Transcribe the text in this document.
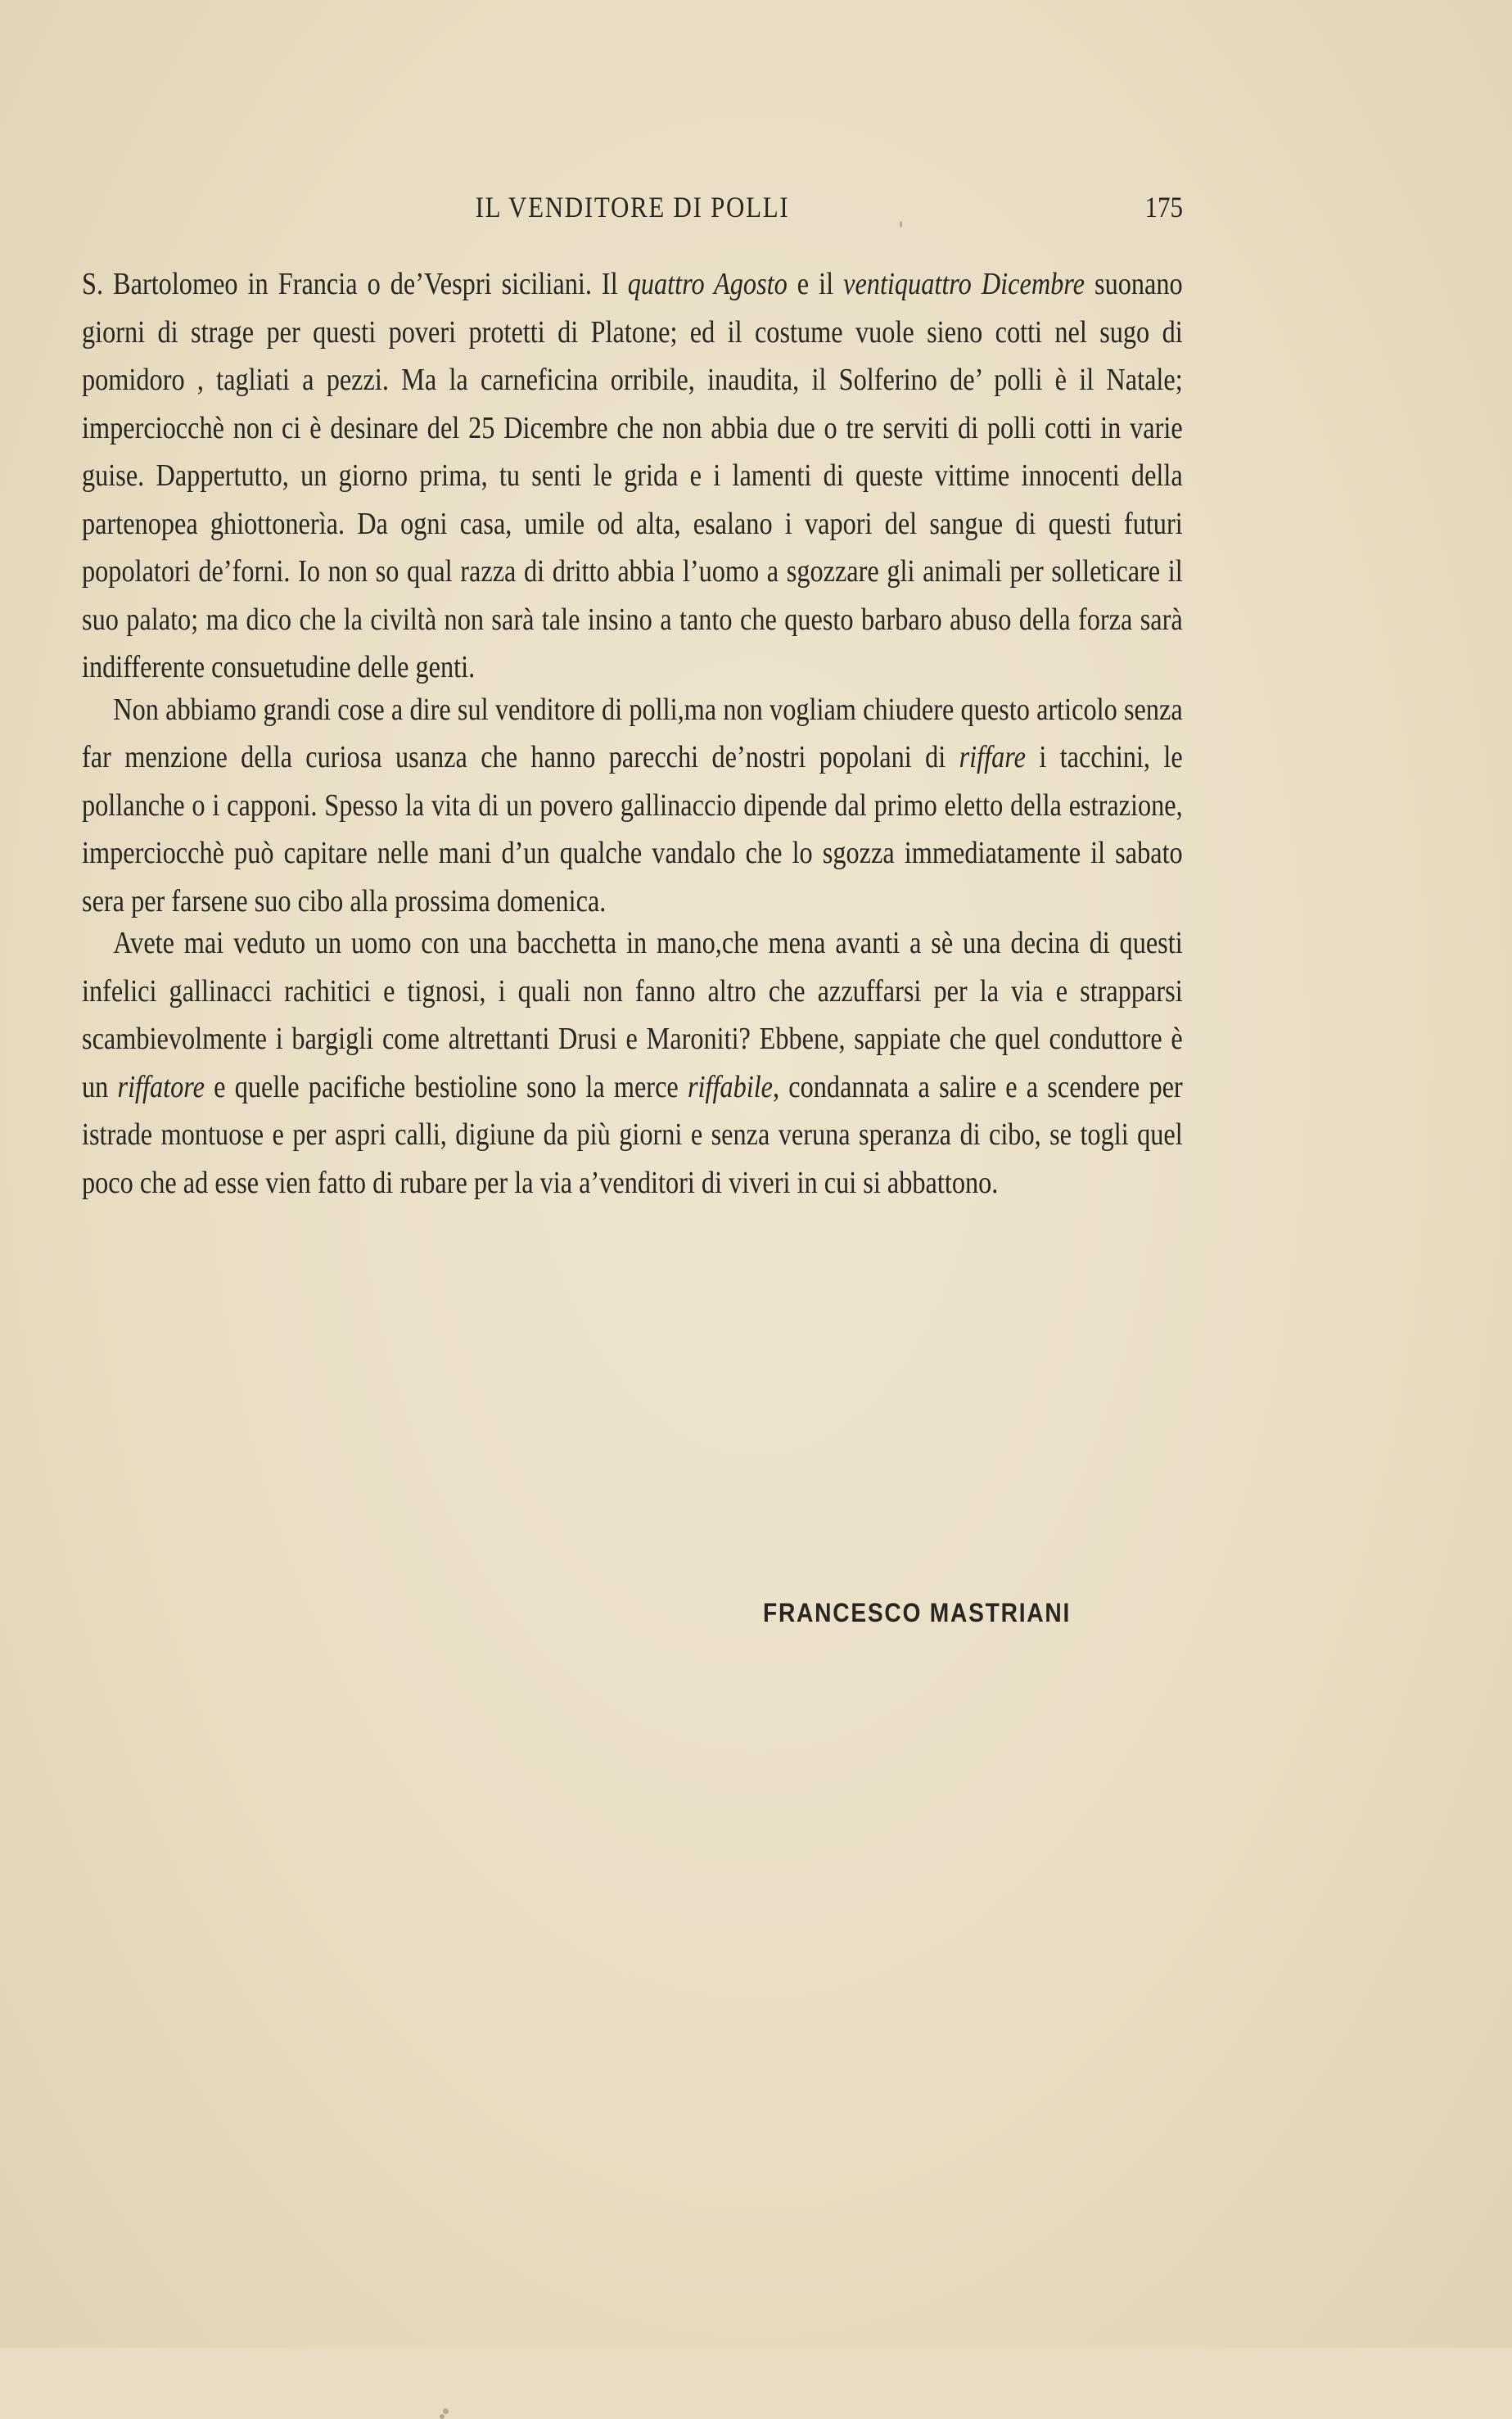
IL VENDITORE DI POLLI	175

S. Bartolomeo in Francia o de’Vespri siciliani. Il quattro Agosto e il ventiquattro Dicembre suonano giorni di strage per questi poveri protetti di Platone; ed il costume vuole sieno cotti nel sugo di pomidoro , tagliati a pezzi. Ma la carneficina orribile, inaudita, il Solferino de’ polli è il Natale; imperciocchè non ci è desinare del 25 Dicembre che non abbia due o tre serviti di polli cotti in varie guise. Dappertutto, un giorno prima, tu senti le grida e i lamenti di queste vittime innocenti della partenopea ghiottonerìa. Da ogni casa, umile od alta, esalano i vapori del sangue di questi futuri popolatori de’forni. Io non so qual razza di dritto abbia l’uomo a sgozzare gli animali per solleticare il suo palato; ma dico che la civiltà non sarà tale insino a tanto che questo barbaro abuso della forza sarà indifferente consuetudine delle genti.

Non abbiamo grandi cose a dire sul venditore di polli,ma non vogliam chiudere questo articolo senza far menzione della curiosa usanza che hanno parecchi de’nostri popolani di riffare i tacchini, le pollanche o i capponi. Spesso la vita di un povero gallinaccio dipende dal primo eletto della estrazione, imperciocchè può capitare nelle mani d’un qualche vandalo che lo sgozza immediatamente il sabato sera per farsene suo cibo alla prossima domenica.

Avete mai veduto un uomo con una bacchetta in mano,che mena avanti a sè una decina di questi infelici gallinacci rachitici e tignosi, i quali non fanno altro che azzuffarsi per la via e strapparsi scambievolmente i bargigli come altrettanti Drusi e Maroniti? Ebbene, sappiate che quel conduttore è un riffatore e quelle pacifiche bestioline sono la merce riffabile, condannata a salire e a scendere per istrade montuose e per aspri calli, digiune da più giorni e senza veruna speranza di cibo, se togli quel poco che ad esse vien fatto di rubare per la via a’venditori di viveri in cui si abbattono.

FRANCESCO MASTRIANI
